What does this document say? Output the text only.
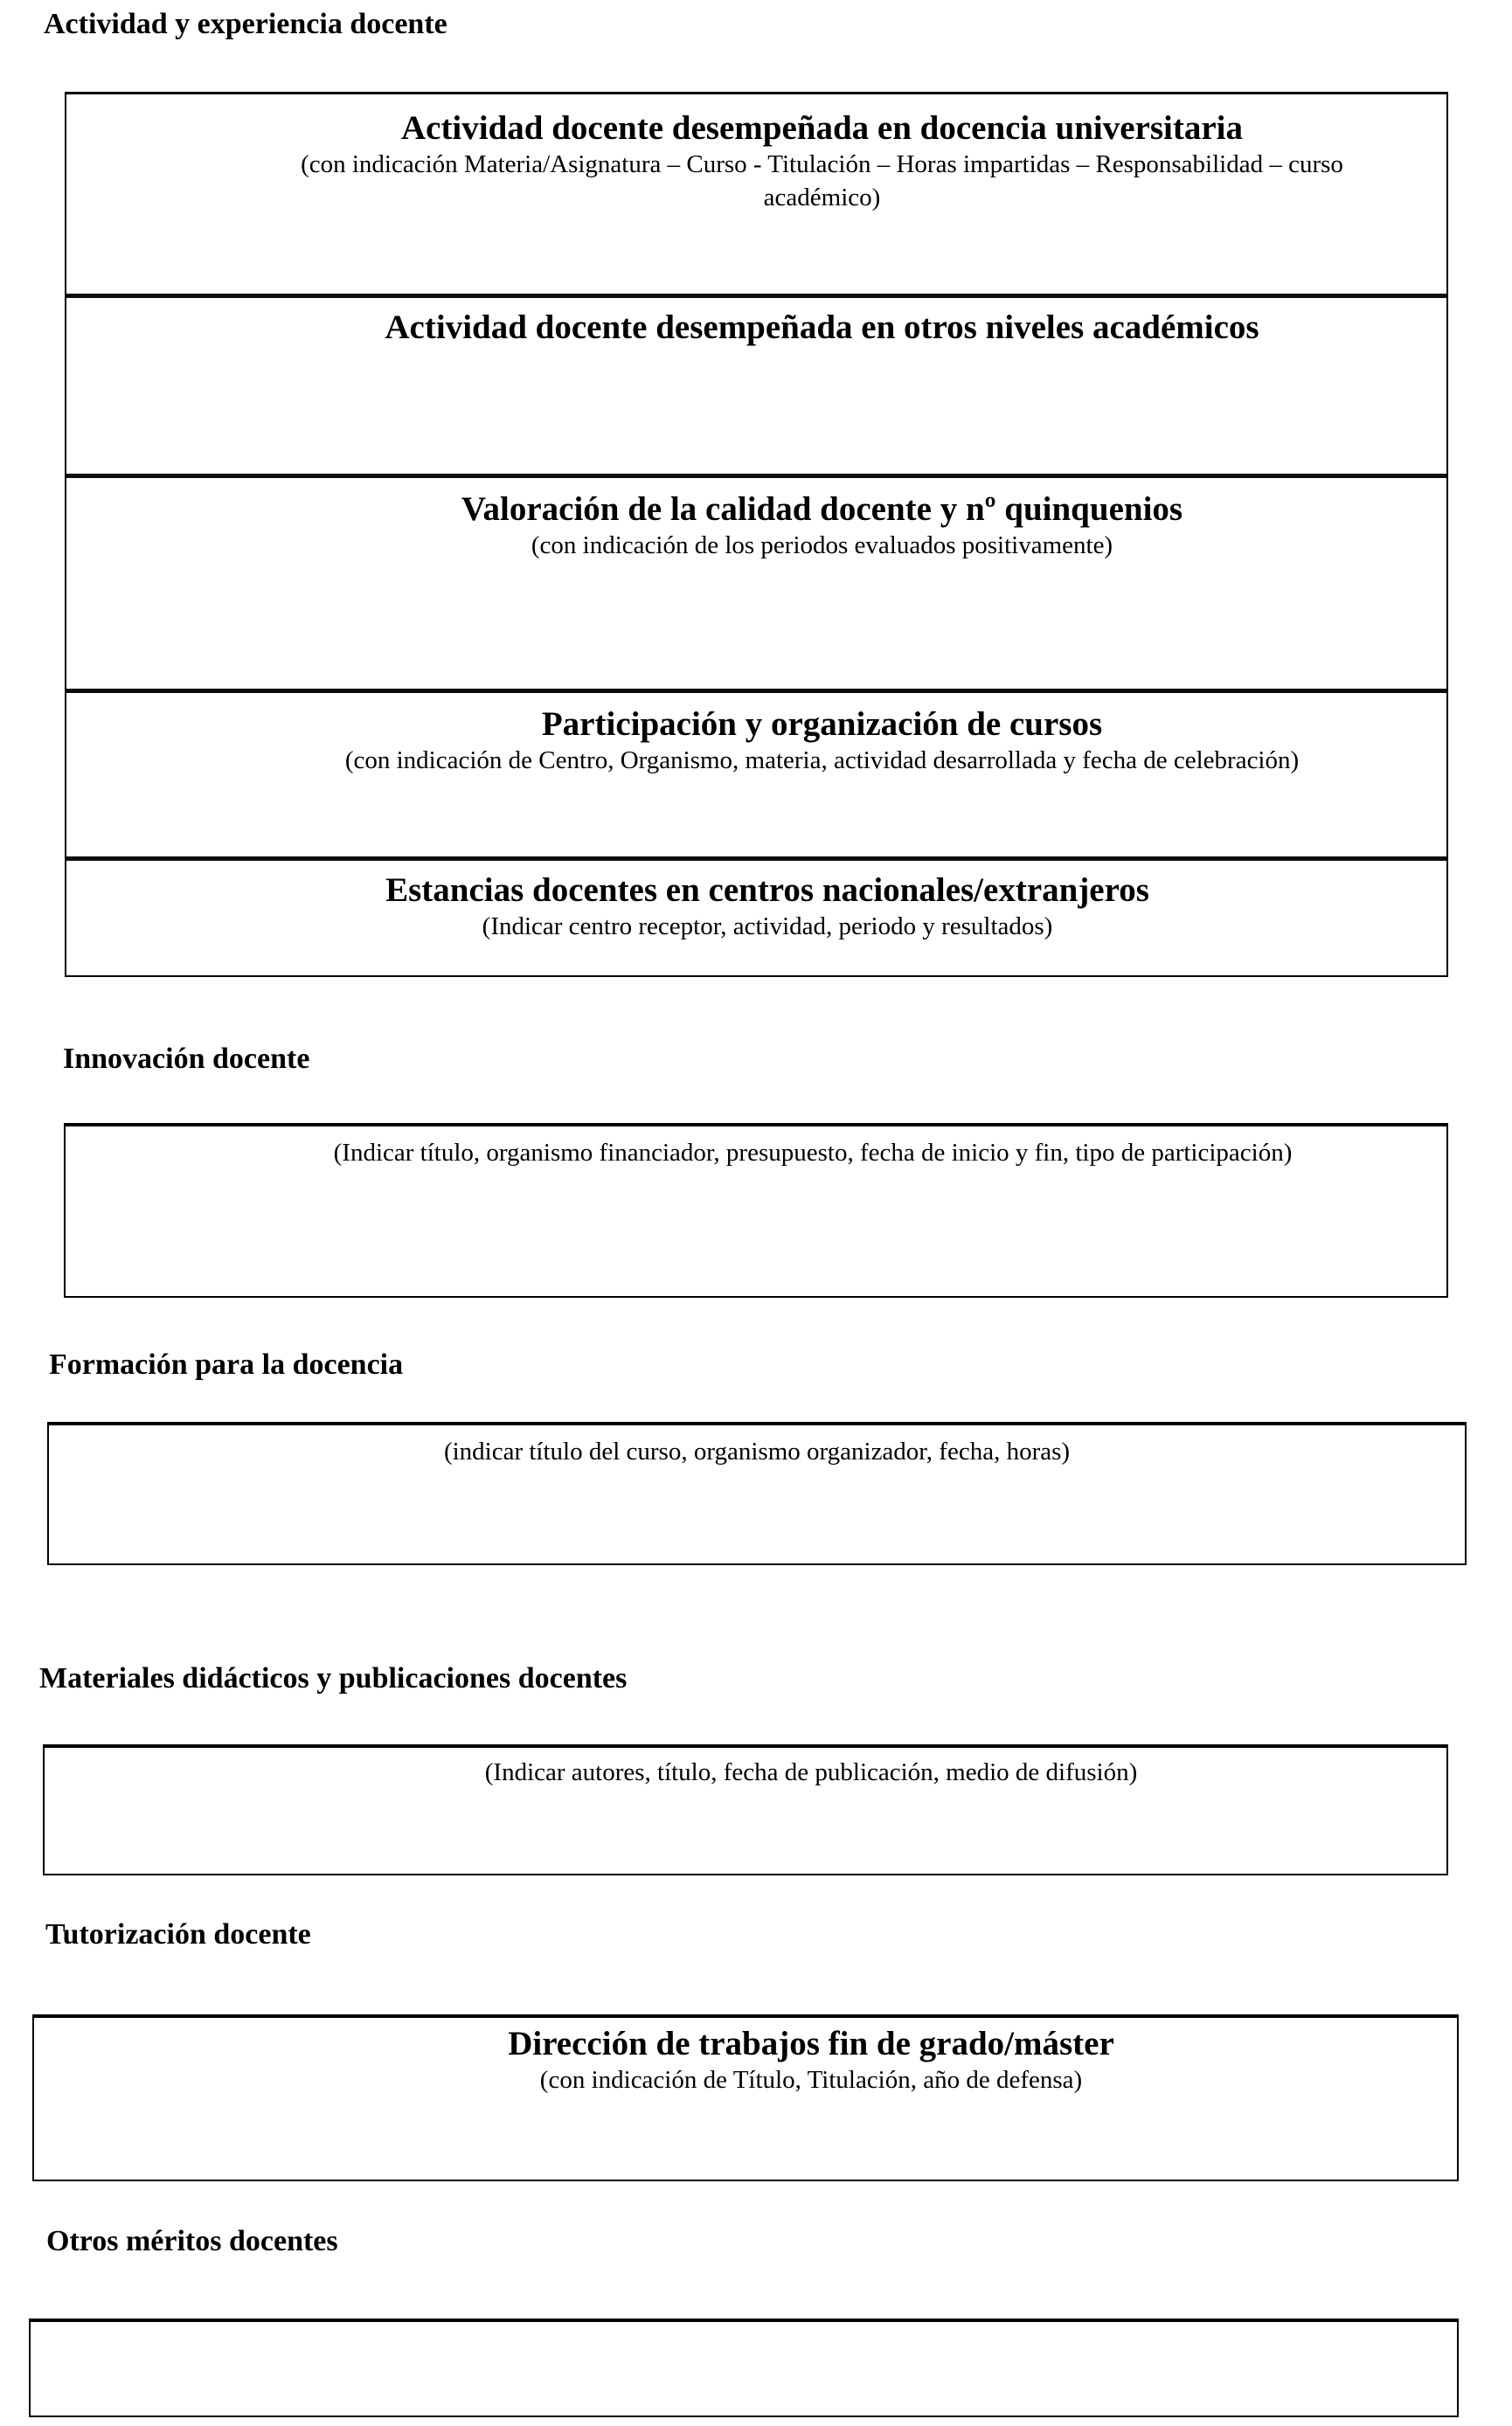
Actividad y experiencia docente
Actividad docente desempeñada en docencia universitaria
(con indicación Materia/Asignatura – Curso - Titulación – Horas impartidas – Responsabilidad – curso
académico)
Actividad docente desempeñada en otros niveles académicos
Valoración de la calidad docente y nº quinquenios
(con indicación de los periodos evaluados positivamente)
Participación y organización de cursos
(con indicación de Centro, Organismo, materia, actividad desarrollada y fecha de celebración)
Estancias docentes en centros nacionales/extranjeros
(Indicar centro receptor, actividad, periodo y resultados)
Innovación docente
(Indicar título, organismo financiador, presupuesto, fecha de inicio y fin, tipo de participación)
Formación para la docencia
(indicar título del curso, organismo organizador, fecha, horas)
Materiales didácticos y publicaciones docentes
(Indicar autores, título, fecha de publicación, medio de difusión)
Tutorización docente
Dirección de trabajos fin de grado/máster
(con indicación de Título, Titulación, año de defensa)
Otros méritos docentes
